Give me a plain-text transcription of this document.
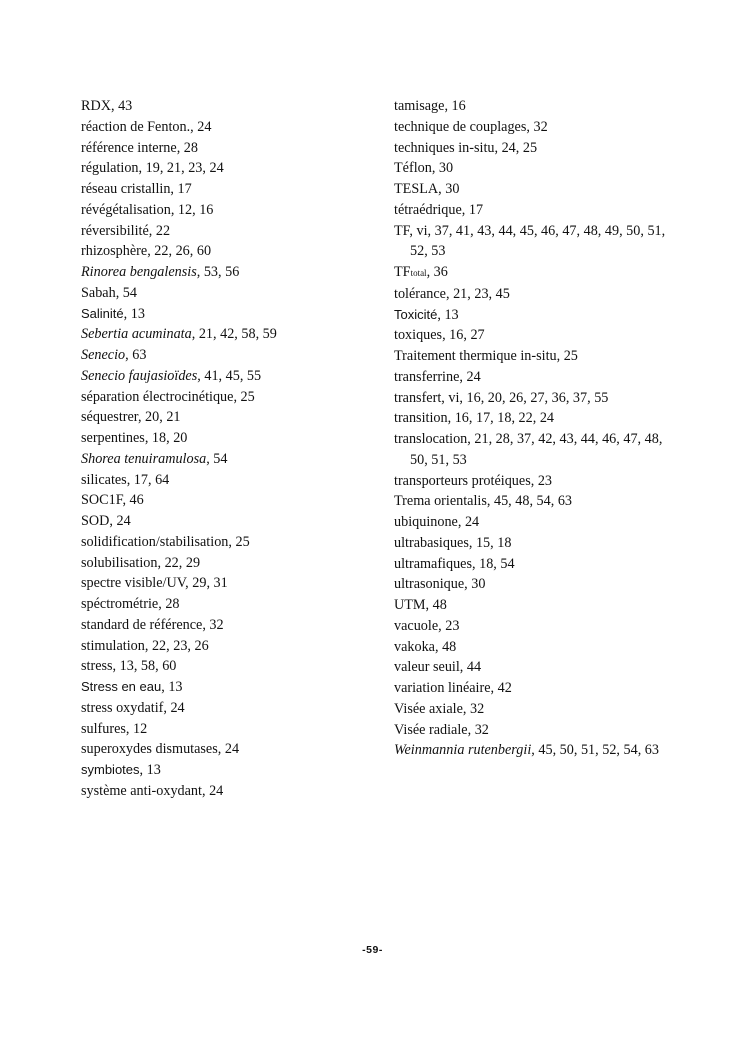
RDX, 43
réaction de Fenton., 24
référence interne, 28
régulation, 19, 21, 23, 24
réseau cristallin, 17
révégétalisation, 12, 16
réversibilité, 22
rhizosphère, 22, 26, 60
Rinorea bengalensis, 53, 56
Sabah, 54
Salinité, 13
Sebertia acuminata, 21, 42, 58, 59
Senecio, 63
Senecio faujasioïdes, 41, 45, 55
séparation électrocinétique, 25
séquestrer, 20, 21
serpentines, 18, 20
Shorea tenuiramulosa, 54
silicates, 17, 64
SOC1F, 46
SOD, 24
solidification/stabilisation, 25
solubilisation, 22, 29
spectre visible/UV, 29, 31
spéctrométrie, 28
standard de référence, 32
stimulation, 22, 23, 26
stress, 13, 58, 60
Stress en eau, 13
stress oxydatif, 24
sulfures, 12
superoxydes dismutases, 24
symbiotes, 13
système anti-oxydant, 24
tamisage, 16
technique de couplages, 32
techniques in-situ, 24, 25
Téflon, 30
TESLA, 30
tétraédrique, 17
TF, vi, 37, 41, 43, 44, 45, 46, 47, 48, 49, 50, 51, 52, 53
TFtotal, 36
tolérance, 21, 23, 45
Toxicité, 13
toxiques, 16, 27
Traitement thermique in-situ, 25
transferrine, 24
transfert, vi, 16, 20, 26, 27, 36, 37, 55
transition, 16, 17, 18, 22, 24
translocation, 21, 28, 37, 42, 43, 44, 46, 47, 48, 50, 51, 53
transporteurs protéiques, 23
Trema orientalis, 45, 48, 54, 63
ubiquinone, 24
ultrabasiques, 15, 18
ultramafiques, 18, 54
ultrasonique, 30
UTM, 48
vacuole, 23
vakoka, 48
valeur seuil, 44
variation linéaire, 42
Visée axiale, 32
Visée radiale, 32
Weinmannia rutenbergii, 45, 50, 51, 52, 54, 63
-59-
